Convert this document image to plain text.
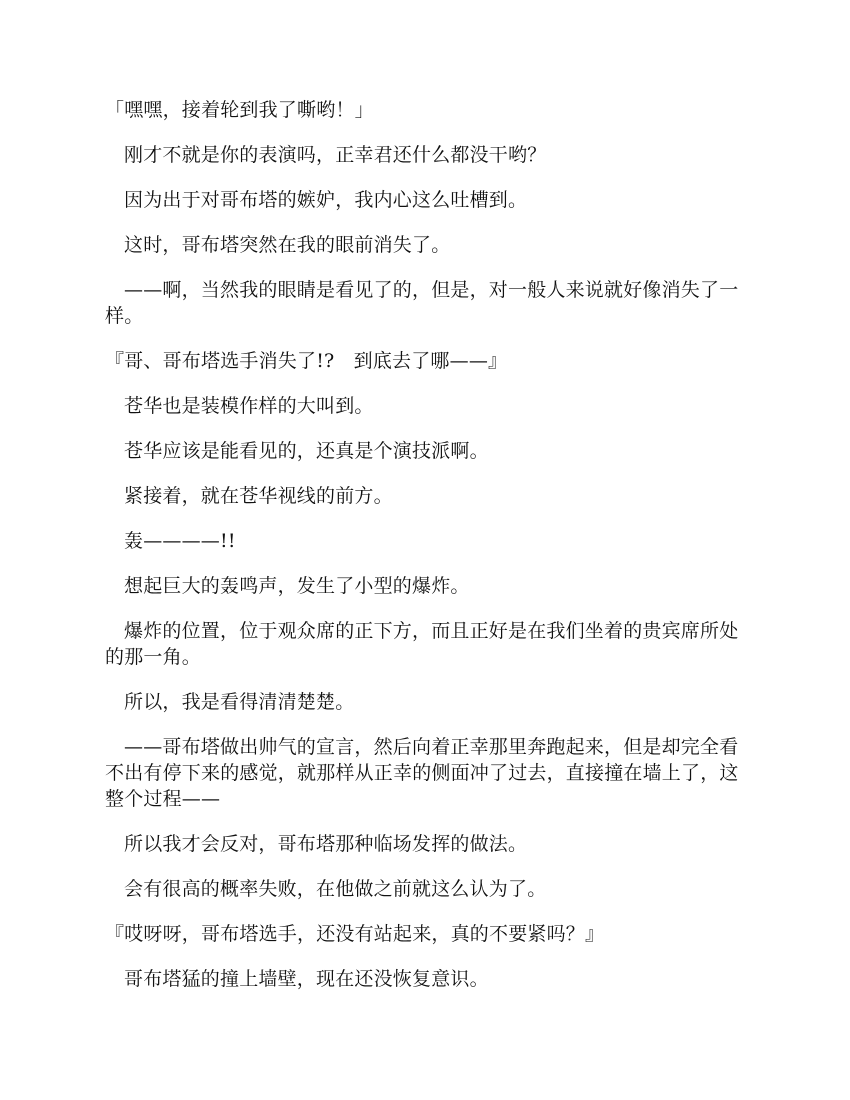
「嘿嘿，接着轮到我了嘶哟！」

刚才不就是你的表演吗，正幸君还什么都没干哟？

因为出于对哥布塔的嫉妒，我内心这么吐槽到。

这时，哥布塔突然在我的眼前消失了。

——啊，当然我的眼睛是看见了的，但是，对一般人来说就好像消失了一样。

『哥、哥布塔选手消失了!?　到底去了哪——』

苍华也是装模作样的大叫到。

苍华应该是能看见的，还真是个演技派啊。

紧接着，就在苍华视线的前方。

轰————!!

想起巨大的轰鸣声，发生了小型的爆炸。

爆炸的位置，位于观众席的正下方，而且正好是在我们坐着的贵宾席所处的那一角。

所以，我是看得清清楚楚。

——哥布塔做出帅气的宣言，然后向着正幸那里奔跑起来，但是却完全看不出有停下来的感觉，就那样从正幸的侧面冲了过去，直接撞在墙上了，这整个过程——

所以我才会反对，哥布塔那种临场发挥的做法。

会有很高的概率失败，在他做之前就这么认为了。

『哎呀呀，哥布塔选手，还没有站起来，真的不要紧吗？』

哥布塔猛的撞上墙壁，现在还没恢复意识。
